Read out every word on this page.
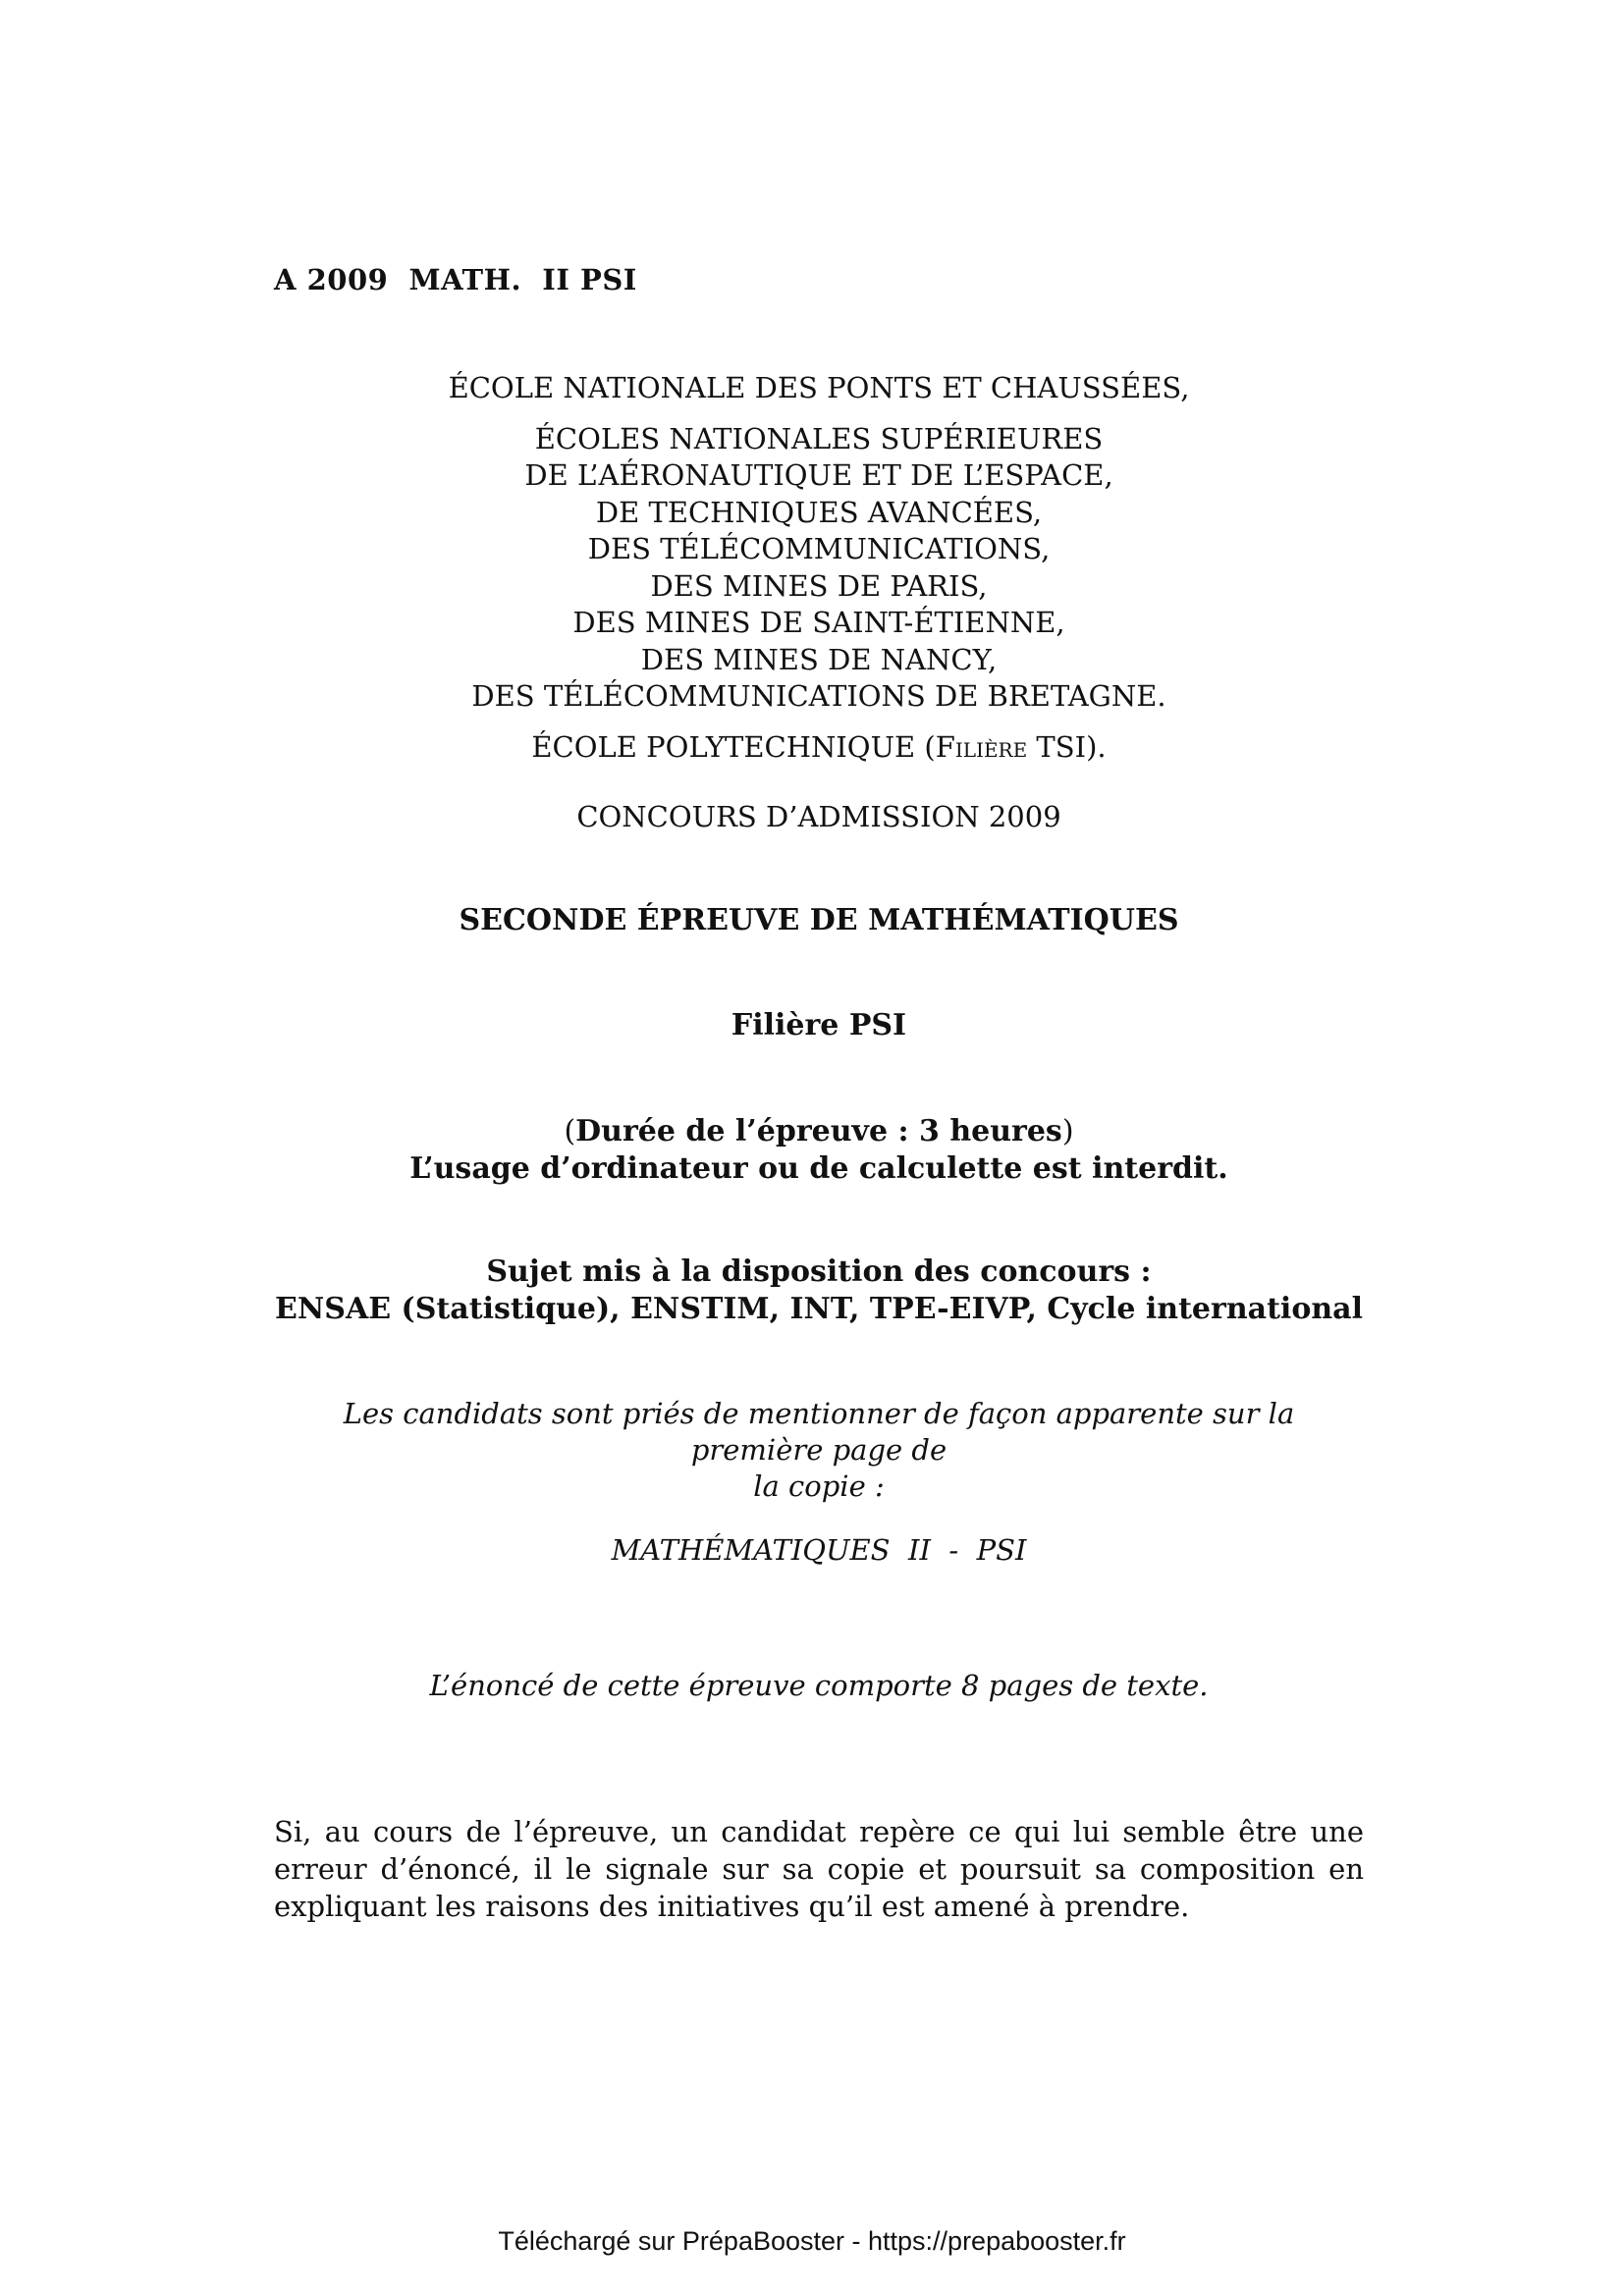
A 2009  MATH.  II PSI
ÉCOLE NATIONALE DES PONTS ET CHAUSSÉES,
ÉCOLES NATIONALES SUPÉRIEURES
DE L’AÉRONAUTIQUE ET DE L’ESPACE,
DE TECHNIQUES AVANCÉES,
DES TÉLÉCOMMUNICATIONS,
DES MINES DE PARIS,
DES MINES DE SAINT-ÉTIENNE,
DES MINES DE NANCY,
DES TÉLÉCOMMUNICATIONS DE BRETAGNE.
ÉCOLE POLYTECHNIQUE (Filière TSI).
CONCOURS D’ADMISSION 2009
SECONDE ÉPREUVE DE MATHÉMATIQUES
Filière PSI
(Durée de l’épreuve : 3 heures)
L’usage d’ordinateur ou de calculette est interdit.
Sujet mis à la disposition des concours :
ENSAE (Statistique), ENSTIM, INT, TPE-EIVP, Cycle international
Les candidats sont priés de mentionner de façon apparente sur la première page de
la copie :
MATHÉMATIQUES  II  -  PSI
L’énoncé de cette épreuve comporte 8 pages de texte.
Si, au cours de l’épreuve, un candidat repère ce qui lui semble être une erreur d’énoncé, il le signale sur sa copie et poursuit sa composition en expliquant les raisons des initiatives qu’il est amené à prendre.
Téléchargé sur PrépaBooster - https://prepabooster.fr
